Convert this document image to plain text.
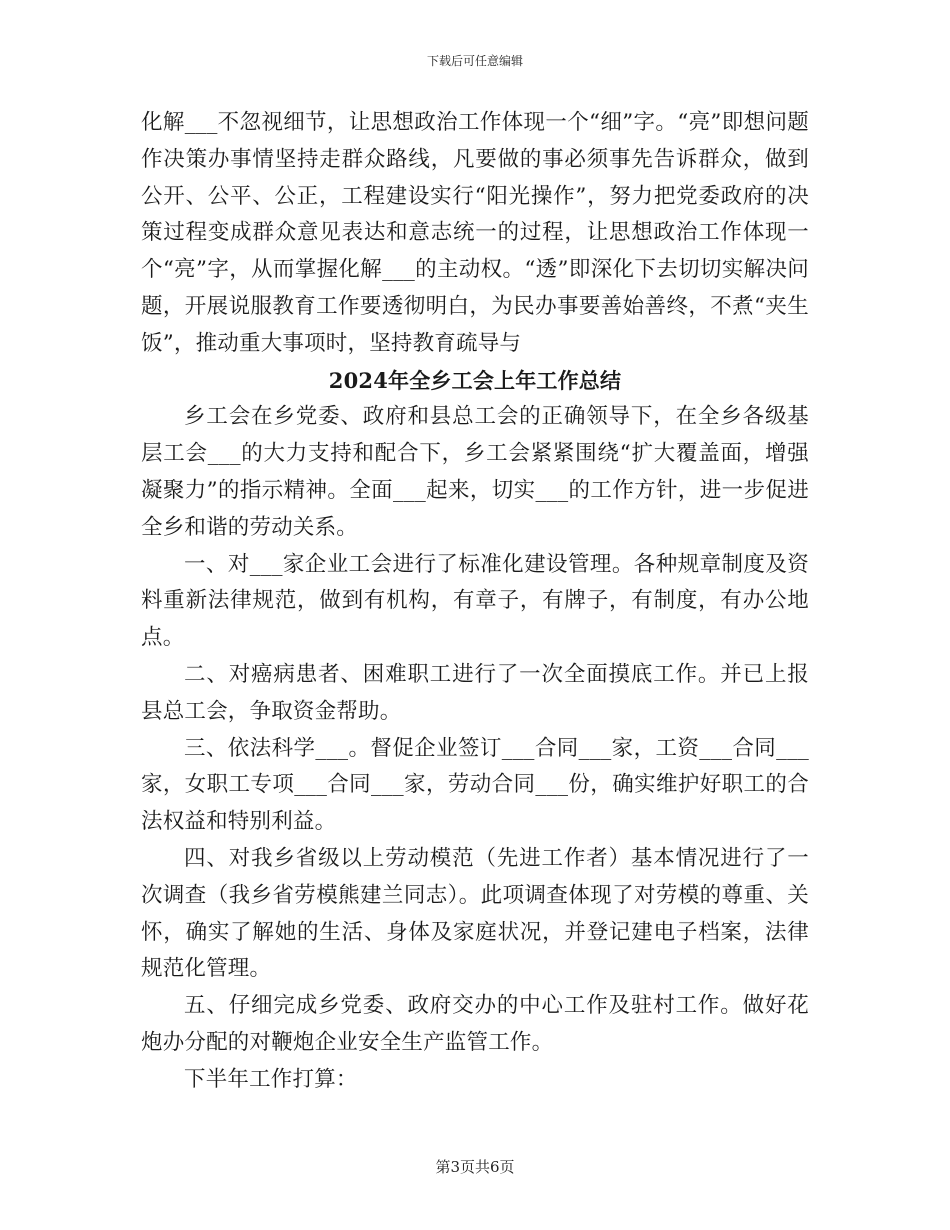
下载后可任意编辑

化解___不忽视细节，让思想政治工作体现一个“细”字。“亮”即想问题作决策办事情坚持走群众路线，凡要做的事必须事先告诉群众，做到公开、公平、公正，工程建设实行“阳光操作”，努力把党委政府的决策过程变成群众意见表达和意志统一的过程，让思想政治工作体现一个“亮”字，从而掌握化解___的主动权。“透”即深化下去切切实解决问题，开展说服教育工作要透彻明白，为民办事要善始善终，不煮“夹生饭”，推动重大事项时，坚持教育疏导与

2024年全乡工会上年工作总结

乡工会在乡党委、政府和县总工会的正确领导下，在全乡各级基层工会___的大力支持和配合下，乡工会紧紧围绕“扩大覆盖面，增强凝聚力”的指示精神。全面___起来，切实___的工作方针，进一步促进全乡和谐的劳动关系。

一、对___家企业工会进行了标准化建设管理。各种规章制度及资料重新法律规范，做到有机构，有章子，有牌子，有制度，有办公地点。

二、对癌病患者、困难职工进行了一次全面摸底工作。并已上报县总工会，争取资金帮助。

三、依法科学___。督促企业签订___合同___家，工资___合同___家，女职工专项___合同___家，劳动合同___份，确实维护好职工的合法权益和特别利益。

四、对我乡省级以上劳动模范（先进工作者）基本情况进行了一次调查（我乡省劳模熊建兰同志）。此项调查体现了对劳模的尊重、关怀，确实了解她的生活、身体及家庭状况，并登记建电子档案，法律规范化管理。

五、仔细完成乡党委、政府交办的中心工作及驻村工作。做好花炮办分配的对鞭炮企业安全生产监管工作。

下半年工作打算：

第3页共6页
